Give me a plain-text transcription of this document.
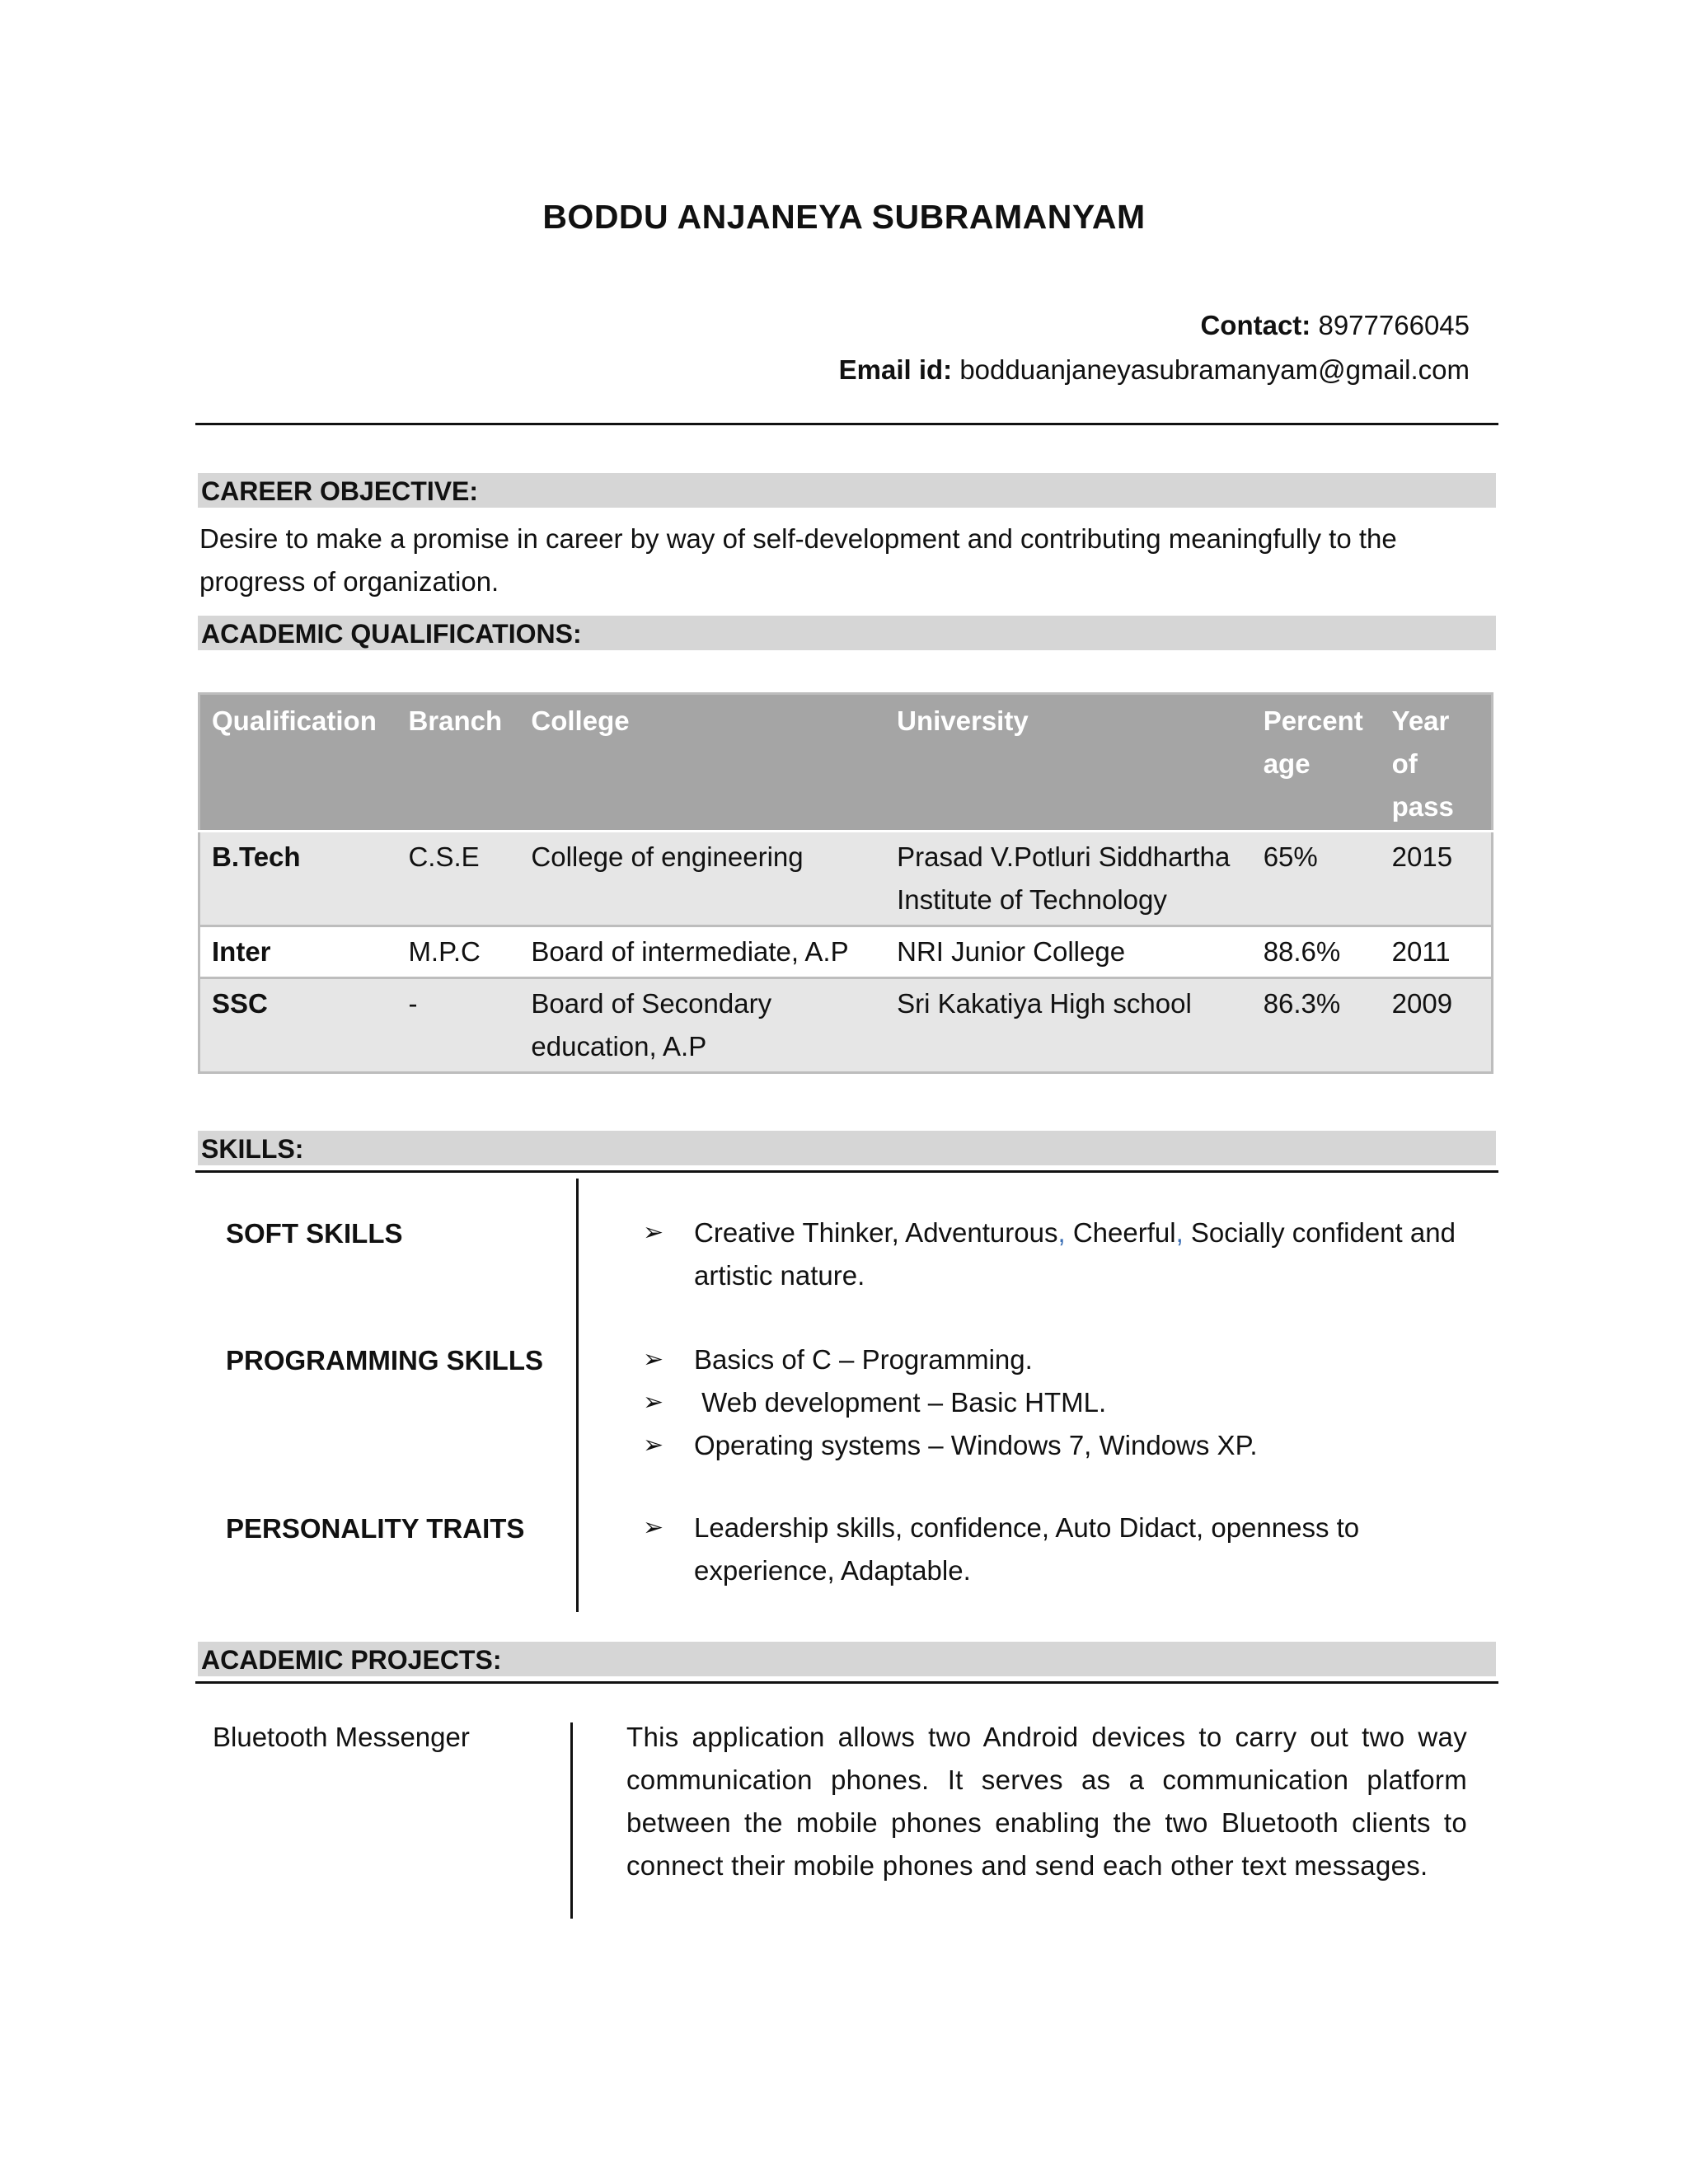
BODDU ANJANEYA SUBRAMANYAM
Contact: 8977766045
Email id: bodduanjaneyasubramanyam@gmail.com
CAREER OBJECTIVE:
Desire to make a promise in career by way of self-development and contributing meaningfully to the progress of organization.
ACADEMIC QUALIFICATIONS:
Qualification	Branch	College	University	Percent age	Year of pass
B.Tech	C.S.E	College of engineering	Prasad V.Potluri Siddhartha Institute of Technology	65%	2015
Inter	M.P.C	Board of intermediate, A.P	NRI Junior College	88.6%	2011
SSC	-	Board of Secondary education, A.P	Sri Kakatiya High school	86.3%	2009
SKILLS:
SOFT SKILLS	➢ Creative Thinker, Adventurous, Cheerful, Socially confident and artistic nature.
PROGRAMMING SKILLS	➢ Basics of C – Programming.
➢ Web development – Basic HTML.
➢ Operating systems – Windows 7, Windows XP.
PERSONALITY TRAITS	➢ Leadership skills, confidence, Auto Didact, openness to experience, Adaptable.
ACADEMIC PROJECTS:
Bluetooth Messenger	This application allows two Android devices to carry out two way communication phones. It serves as a communication platform between the mobile phones enabling the two Bluetooth clients to connect their mobile phones and send each other text messages.
